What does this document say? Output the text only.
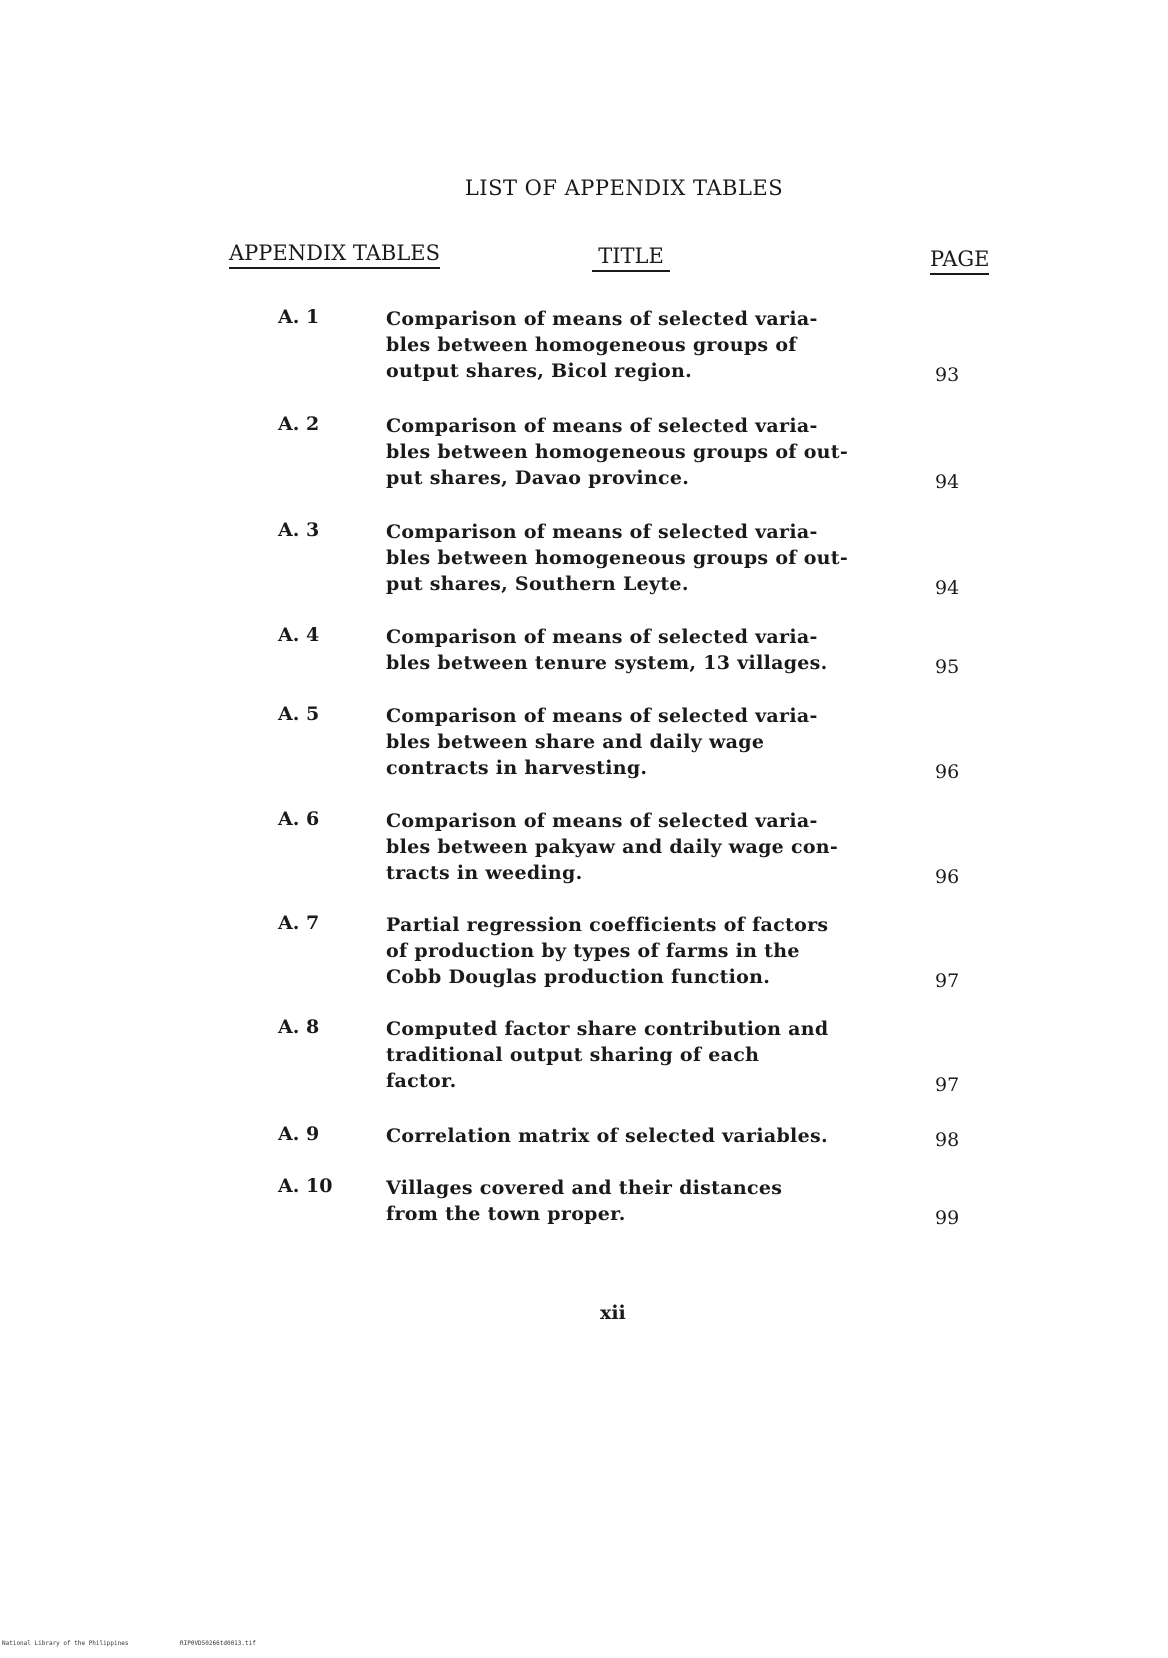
LIST OF APPENDIX TABLES
APPENDIX TABLES	TITLE	PAGE
A. 1	Comparison of means of selected varia-
bles between homogeneous groups of
output shares, Bicol region.	93
A. 2	Comparison of means of selected varia-
bles between homogeneous groups of out-
put shares, Davao province.	94
A. 3	Comparison of means of selected varia-
bles between homogeneous groups of out-
put shares, Southern Leyte.	94
A. 4	Comparison of means of selected varia-
bles between tenure system, 13 villages.	95
A. 5	Comparison of means of selected varia-
bles between share and daily wage
contracts in harvesting.	96
A. 6	Comparison of means of selected varia-
bles between pakyaw and daily wage con-
tracts in weeding.	96
A. 7	Partial regression coefficients of factors
of production by types of farms in the
Cobb Douglas production function.	97
A. 8	Computed factor share contribution and
traditional output sharing of each
factor.	97
A. 9	Correlation matrix of selected variables.	98
A. 10	Villages covered and their distances
from the town proper.	99
xii
National Library of the Philippines	RIP0VD50266td0013.tif
